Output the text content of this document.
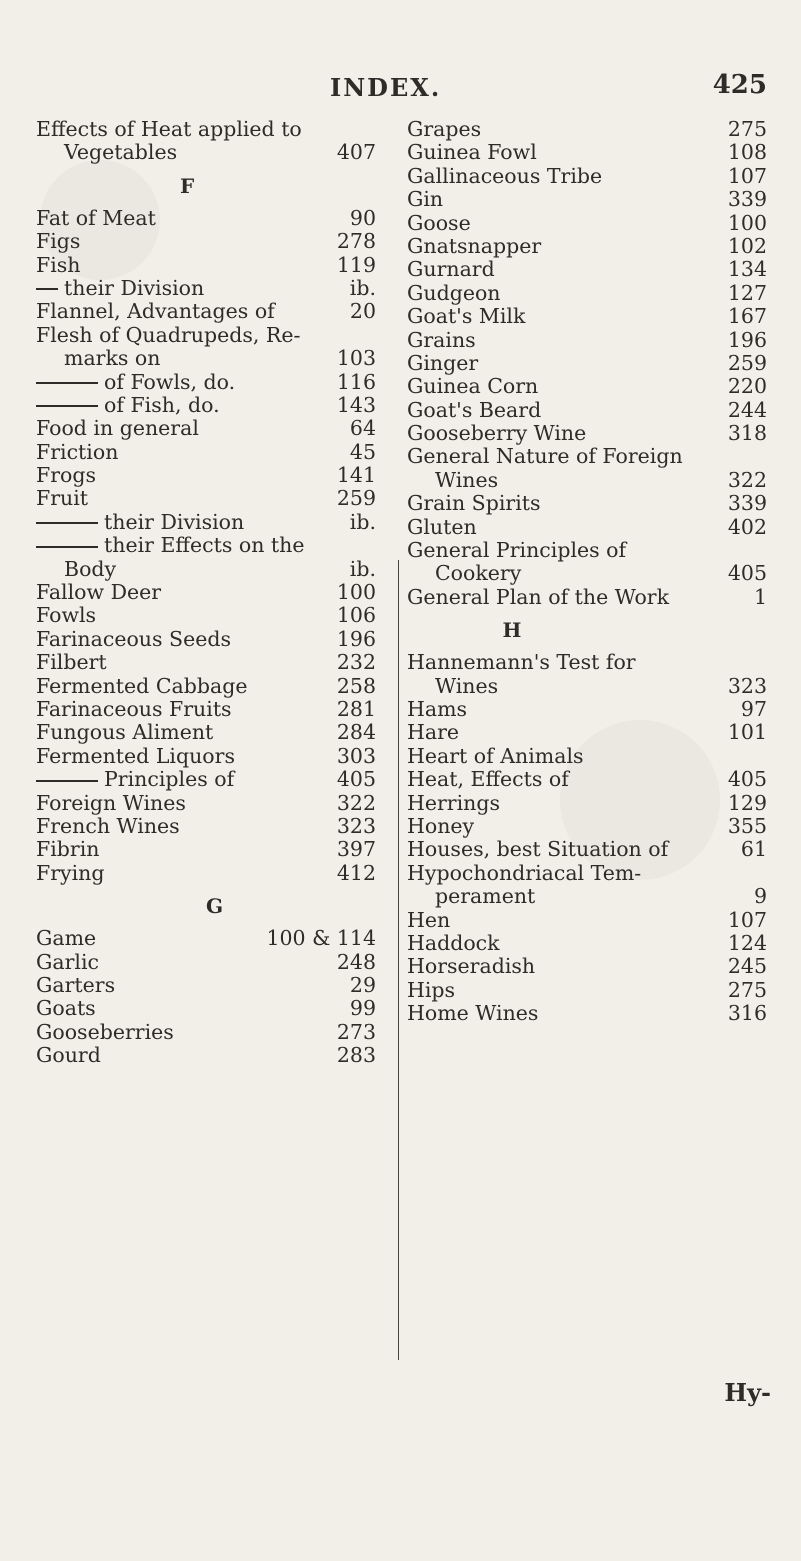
INDEX.	425
Effects of Heat applied to
Vegetables	407
F
Fat of Meat	90
Figs	278
Fish	119
their Division	ib.
Flannel, Advantages of	20
Flesh of Quadrupeds, Re-
marks on	103
of Fowls, do.	116
of Fish, do.	143
Food in general	64
Friction	45
Frogs	141
Fruit	259
their Division	ib.
their Effects on the
Body	ib.
Fallow Deer	100
Fowls	106
Farinaceous Seeds	196
Filbert	232
Fermented Cabbage	258
Farinaceous Fruits	281
Fungous Aliment	284
Fermented Liquors	303
Principles of	405
Foreign Wines	322
French Wines	323
Fibrin	397
Frying	412
G
Game	100 & 114
Garlic	248
Garters	29
Goats	99
Gooseberries	273
Gourd	283
Grapes	275
Guinea Fowl	108
Gallinaceous Tribe	107
Gin	339
Goose	100
Gnatsnapper	102
Gurnard	134
Gudgeon	127
Goat's Milk	167
Grains	196
Ginger	259
Guinea Corn	220
Goat's Beard	244
Gooseberry Wine	318
General Nature of Foreign
Wines	322
Grain Spirits	339
Gluten	402
General Principles of
Cookery	405
General Plan of the Work	1
H
Hannemann's Test for
Wines	323
Hams	97
Hare	101
Heart of Animals
Heat, Effects of	405
Herrings	129
Honey	355
Houses, best Situation of	61
Hypochondriacal Tem-
perament	9
Hen	107
Haddock	124
Horseradish	245
Hips	275
Home Wines	316
Hy-
